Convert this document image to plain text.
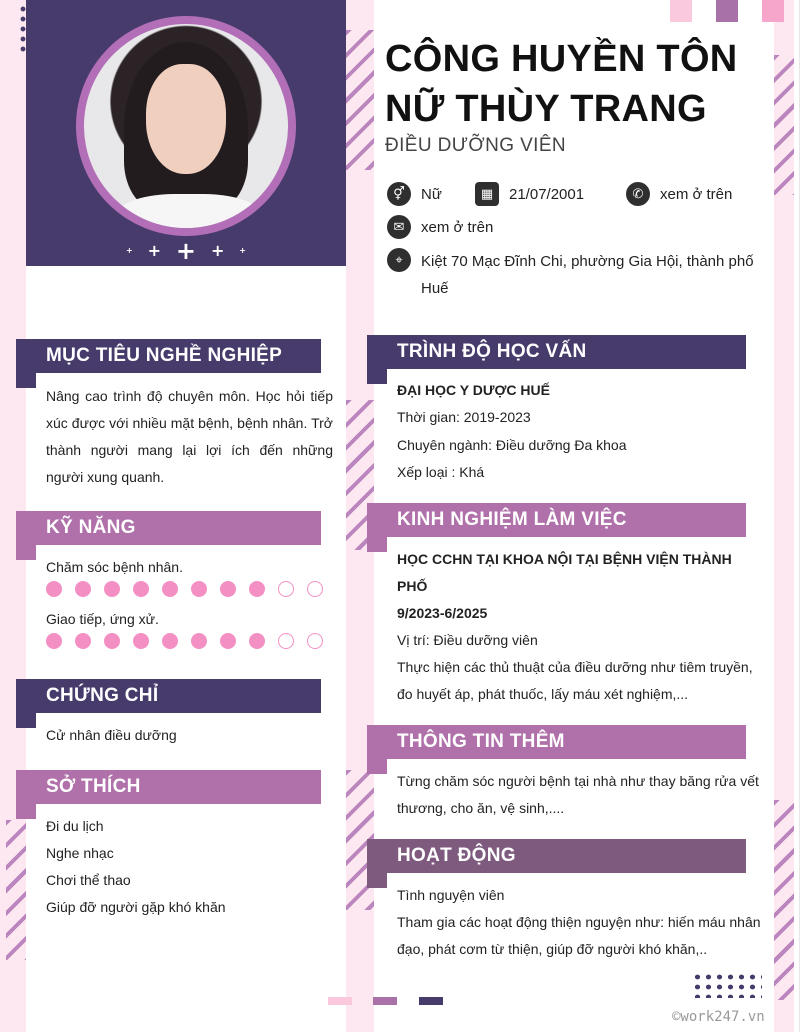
+ + + + +
CÔNG HUYỀN TÔN
NỮ THÙY TRANG
ĐIỀU DƯỠNG VIÊN
⚥	Nữ	▦	21/07/2001	✆	xem ở trên
✉	xem ở trên
⌖	Kiệt 70 Mạc Đĩnh Chi, phường Gia Hội, thành phố
Huế
MỤC TIÊU NGHỀ NGHIỆP
Nâng cao trình độ chuyên môn. Học hỏi tiếp xúc được với nhiều mặt bệnh, bệnh nhân. Trở thành người mang lại lợi ích đến những người xung quanh.
KỸ NĂNG
Chăm sóc bệnh nhân.
Giao tiếp, ứng xử.
CHỨNG CHỈ
Cử nhân điều dưỡng
SỞ THÍCH
Đi du lịch
Nghe nhạc
Chơi thể thao
Giúp đỡ người gặp khó khăn
TRÌNH ĐỘ HỌC VẤN
ĐẠI HỌC Y DƯỢC HUẾ
Thời gian: 2019-2023
Chuyên ngành: Điều dưỡng Đa khoa
Xếp loại : Khá
KINH NGHIỆM LÀM VIỆC
HỌC CCHN TẠI KHOA NỘI TẠI BỆNH VIỆN THÀNH
PHỐ
9/2023-6/2025
Vị trí: Điều dưỡng viên
Thực hiện các thủ thuật của điều dưỡng như tiêm truyền,
đo huyết áp, phát thuốc, lấy máu xét nghiệm,...
THÔNG TIN THÊM
Từng chăm sóc người bệnh tại nhà như thay băng rửa vết
thương, cho ăn, vệ sinh,....
HOẠT ĐỘNG
Tình nguyện viên
Tham gia các hoạt động thiện nguyện như: hiến máu nhân
đạo, phát cơm từ thiện, giúp đỡ người khó khăn,..
©work247.vn
